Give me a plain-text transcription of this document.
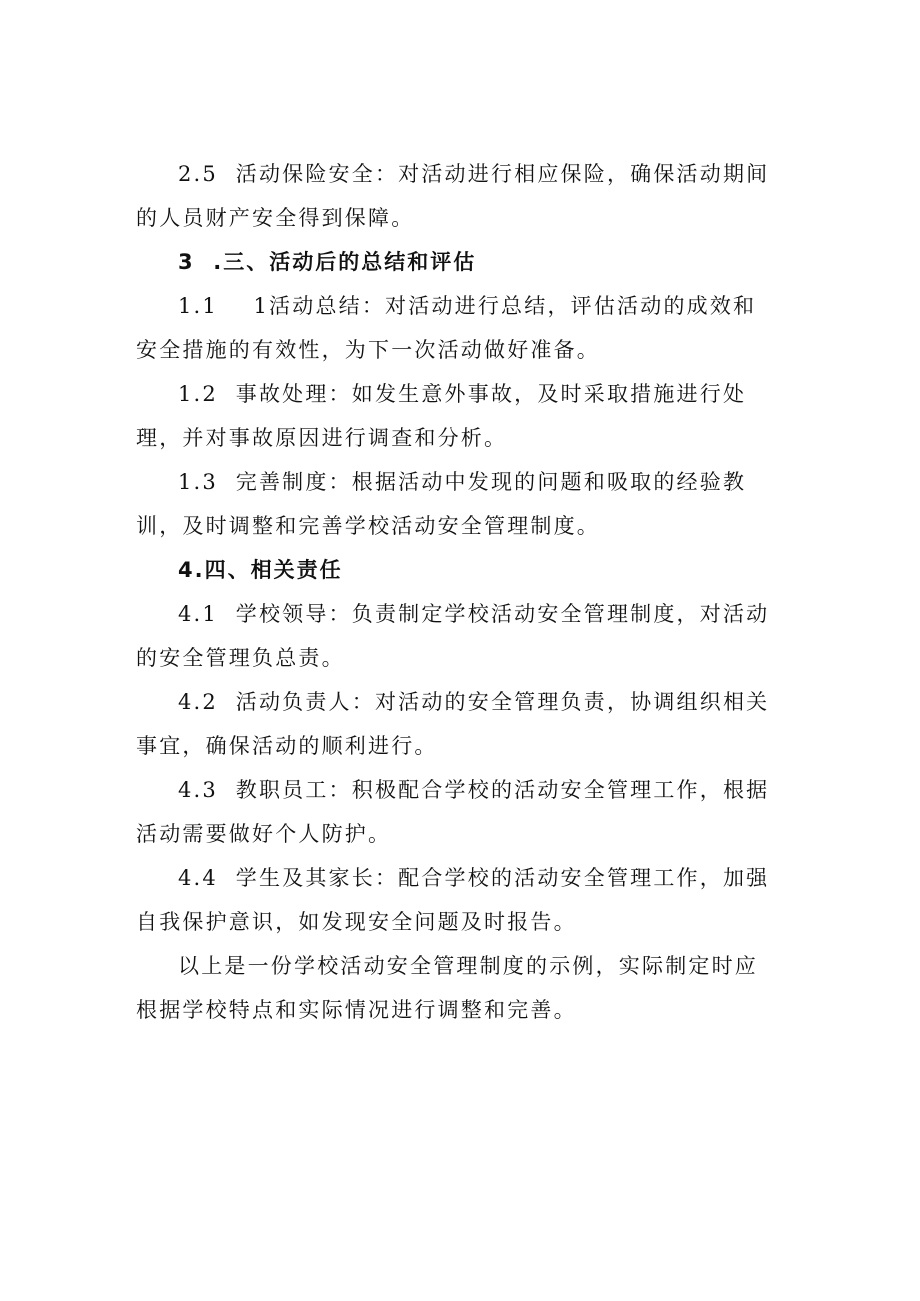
2.5  活动保险安全：对活动进行相应保险，确保活动期间的人员财产安全得到保障。

3  .三、活动后的总结和评估

1.1    1活动总结：对活动进行总结，评估活动的成效和安全措施的有效性，为下一次活动做好准备。

1.2  事故处理：如发生意外事故，及时采取措施进行处理，并对事故原因进行调查和分析。

1.3  完善制度：根据活动中发现的问题和吸取的经验教训，及时调整和完善学校活动安全管理制度。

4.四、相关责任

4.1  学校领导：负责制定学校活动安全管理制度，对活动的安全管理负总责。

4.2  活动负责人：对活动的安全管理负责，协调组织相关事宜，确保活动的顺利进行。

4.3  教职员工：积极配合学校的活动安全管理工作，根据活动需要做好个人防护。

4.4  学生及其家长：配合学校的活动安全管理工作，加强自我保护意识，如发现安全问题及时报告。

以上是一份学校活动安全管理制度的示例，实际制定时应根据学校特点和实际情况进行调整和完善。
